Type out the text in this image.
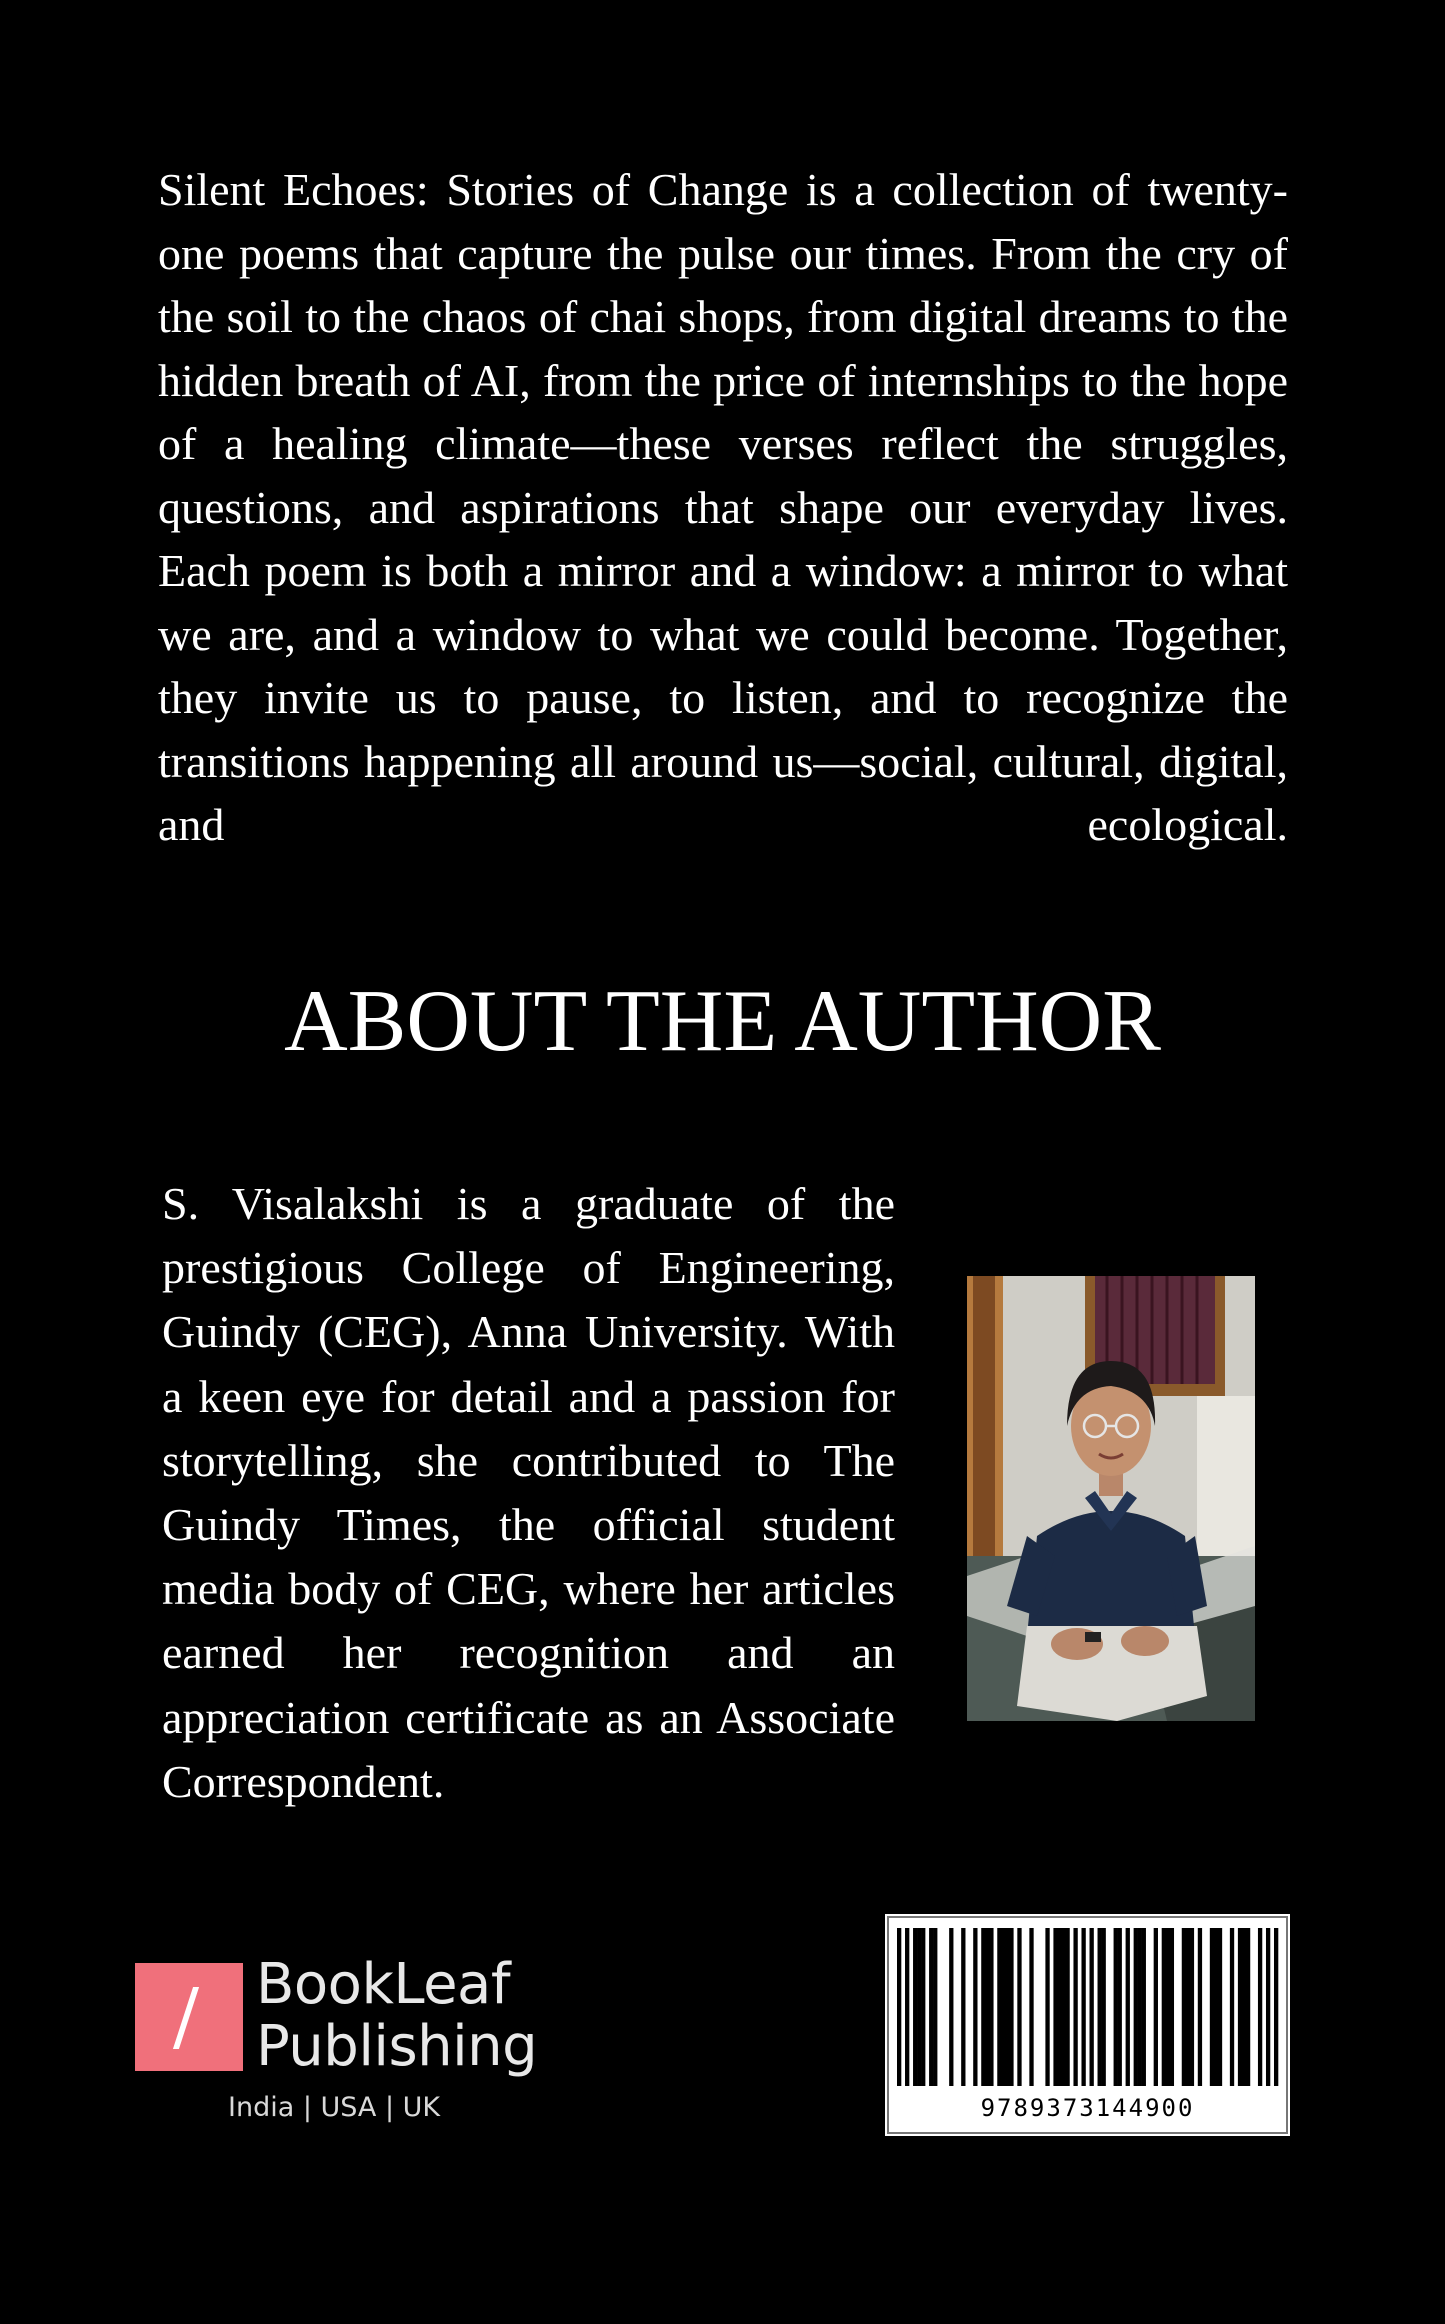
Silent Echoes: Stories of Change is a collection of twenty-one poems that capture the pulse our times. From the cry of the soil to the chaos of chai shops, from digital dreams to the hidden breath of AI, from the price of internships to the hope of a healing climate—these verses reflect the struggles, questions, and aspirations that shape our everyday lives. Each poem is both a mirror and a window: a mirror to what we are, and a window to what we could become. Together, they invite us to pause, to listen, and to recognize the transitions happening all around us—social, cultural, digital, and ecological.
ABOUT THE AUTHOR
S. Visalakshi is a graduate of the prestigious College of Engineering, Guindy (CEG), Anna University. With a keen eye for detail and a passion for storytelling, she contributed to The Guindy Times, the official student media body of CEG, where her articles earned her recognition and an appreciation certificate as an Associate Correspondent.
BookLeaf
Publishing
India | USA | UK	9789373144900
